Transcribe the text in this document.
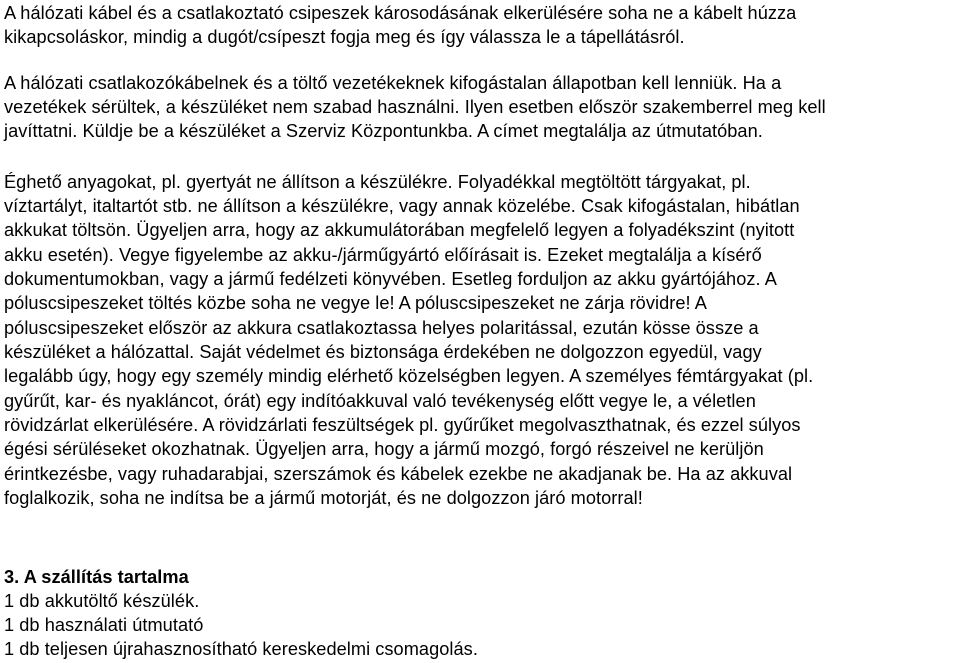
A hálózati kábel és a csatlakoztató csipeszek károsodásának elkerülésére soha ne a kábelt húzza
kikapcsoláskor, mindig a dugót/csípeszt fogja meg és így válassza le a tápellátásról.
A hálózati csatlakozókábelnek és a töltő vezetékeknek kifogástalan állapotban kell lenniük. Ha a
vezetékek sérültek, a készüléket nem szabad használni. Ilyen esetben először szakemberrel meg kell
javíttatni. Küldje be a készüléket a Szerviz Központunkba. A címet megtalálja az útmutatóban.
Éghető anyagokat, pl. gyertyát ne állítson a készülékre. Folyadékkal megtöltött tárgyakat, pl.
víztartályt, italtartót stb. ne állítson a készülékre, vagy annak közelébe. Csak kifogástalan, hibátlan
akkukat töltsön. Ügyeljen arra, hogy az akkumulátorában megfelelő legyen a folyadékszint (nyitott
akku esetén). Vegye figyelembe az akku-/járműgyártó előírásait is. Ezeket megtalálja a kísérő
dokumentumokban, vagy a jármű fedélzeti könyvében. Esetleg forduljon az akku gyártójához. A
póluscsipeszeket töltés közbe soha ne vegye le! A póluscsipeszeket ne zárja rövidre! A
póluscsipeszeket először az akkura csatlakoztassa helyes polaritással, ezután kösse össze a
készüléket a hálózattal. Saját védelmet és biztonsága érdekében ne dolgozzon egyedül, vagy
legalább úgy, hogy egy személy mindig elérhető közelségben legyen. A személyes fémtárgyakat (pl.
gyűrűt, kar- és nyakláncot, órát) egy indítóakkuval való tevékenység előtt vegye le, a véletlen
rövidzárlat elkerülésére. A rövidzárlati feszültségek pl. gyűrűket megolvaszthatnak, és ezzel súlyos
égési sérüléseket okozhatnak. Ügyeljen arra, hogy a jármű mozgó, forgó részeivel ne kerüljön
érintkezésbe, vagy ruhadarabjai, szerszámok és kábelek ezekbe ne akadjanak be. Ha az akkuval
foglalkozik, soha ne indítsa be a jármű motorját, és ne dolgozzon járó motorral!
3. A szállítás tartalma
1 db akkutöltő készülék.
1 db használati útmutató
1 db teljesen újrahasznosítható kereskedelmi csomagolás.
